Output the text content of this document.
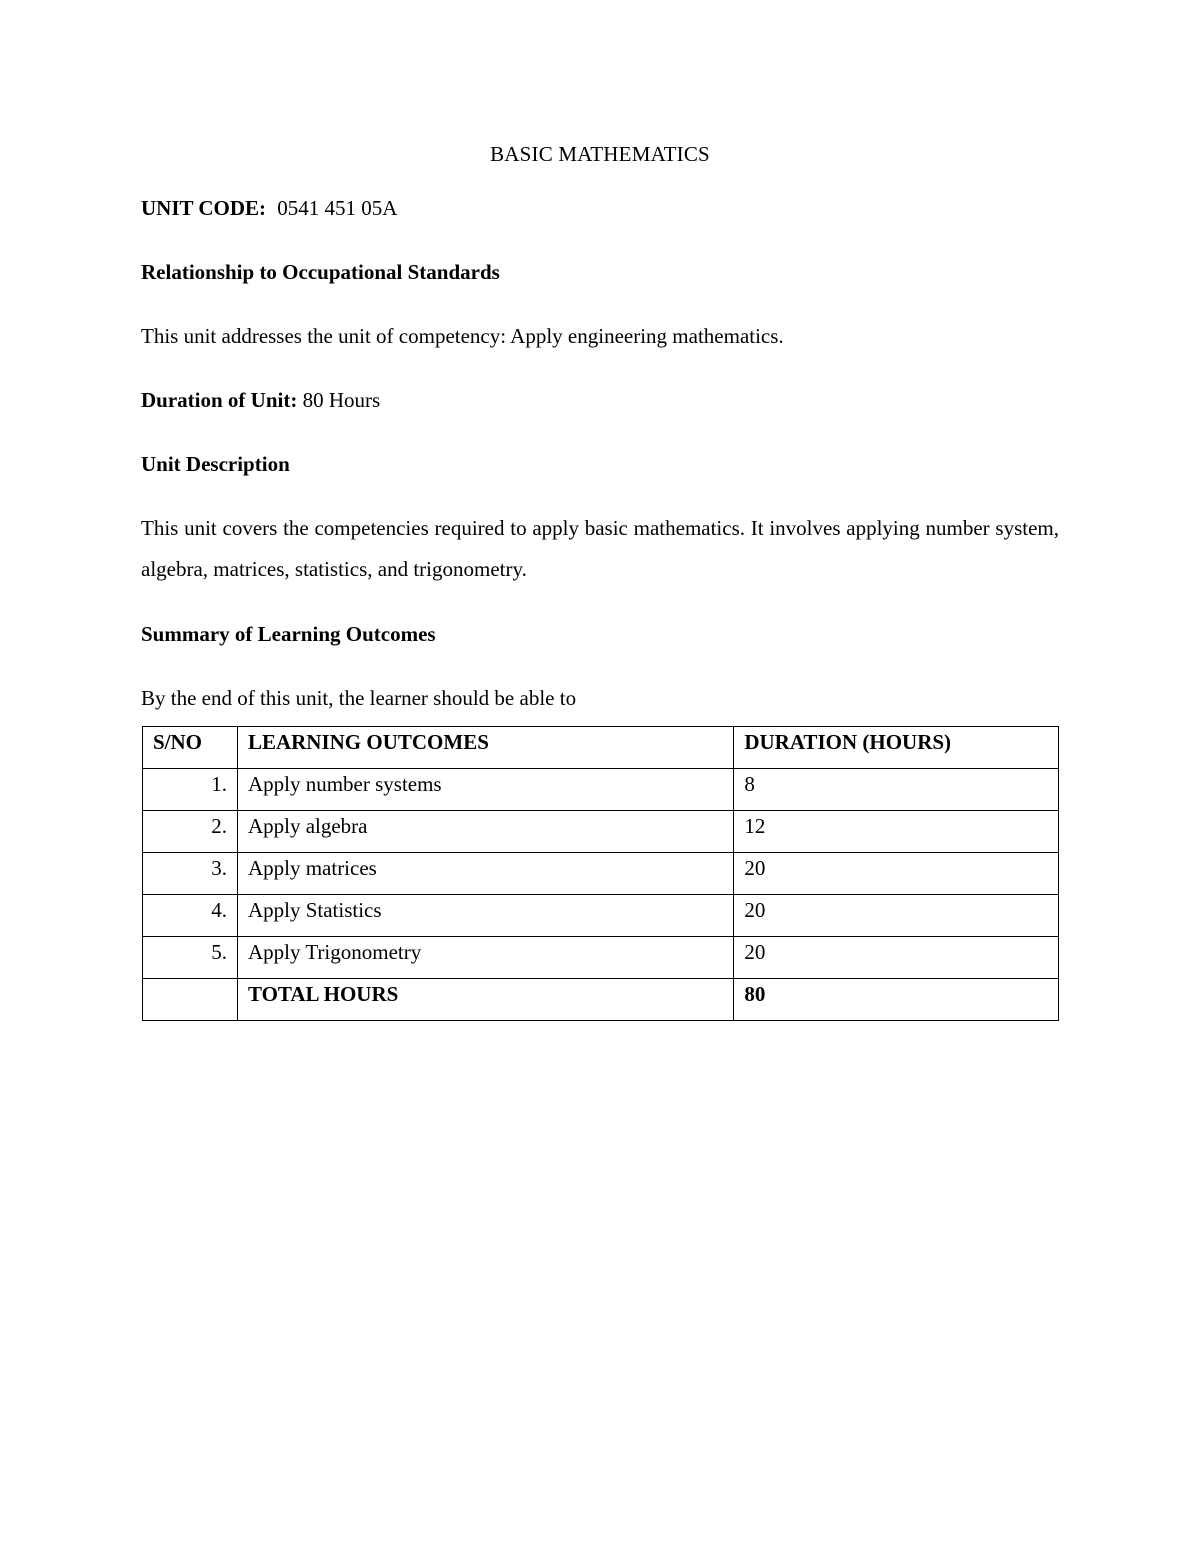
BASIC MATHEMATICS
UNIT CODE: 0541 451 05A
Relationship to Occupational Standards
This unit addresses the unit of competency: Apply engineering mathematics.
Duration of Unit: 80 Hours
Unit Description
This unit covers the competencies required to apply basic mathematics. It involves applying number system, algebra, matrices, statistics, and trigonometry.
Summary of Learning Outcomes
By the end of this unit, the learner should be able to
S/NO	LEARNING OUTCOMES	DURATION (HOURS)
1.	Apply number systems	8
2.	Apply algebra	12
3.	Apply matrices	20
4.	Apply Statistics	20
5.	Apply Trigonometry	20
	TOTAL HOURS	80
